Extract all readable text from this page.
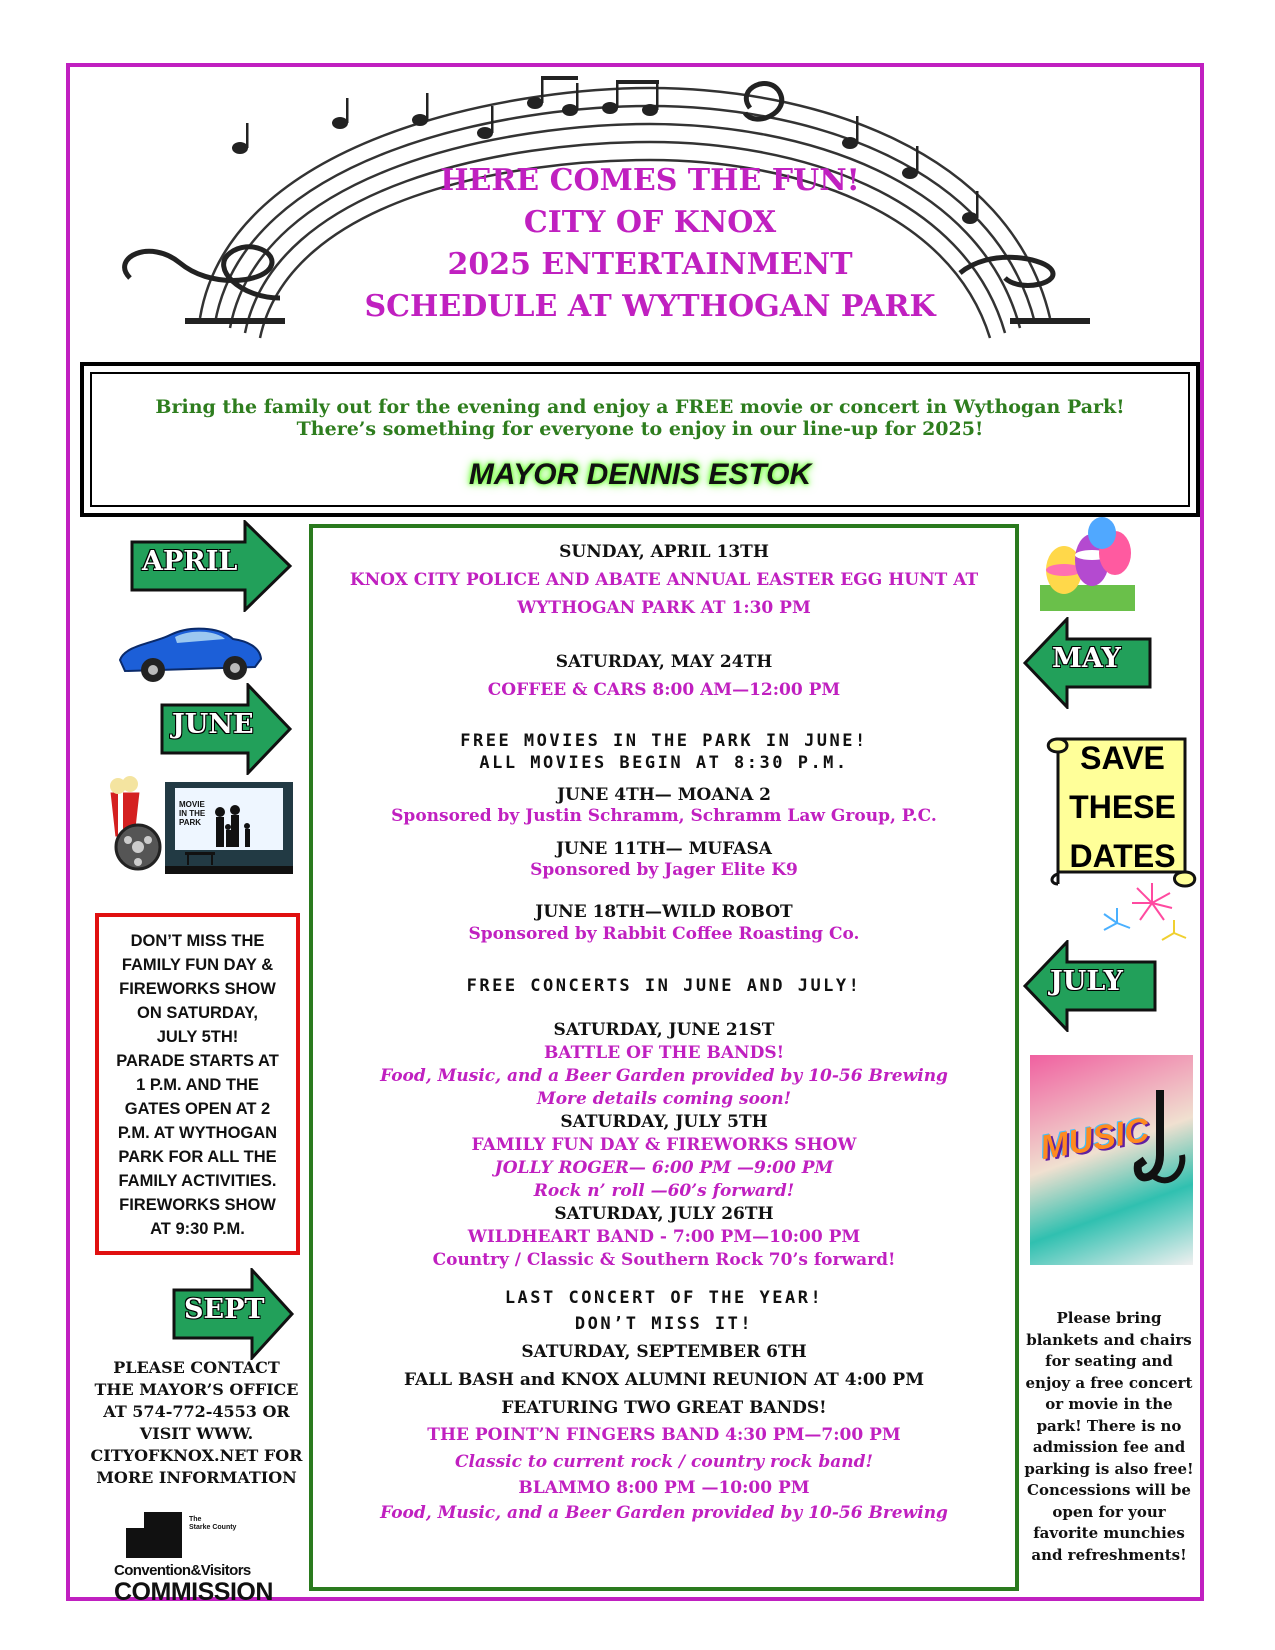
HERE COMES THE FUN!
CITY OF KNOX
2025 ENTERTAINMENT
SCHEDULE AT WYTHOGAN PARK
Bring the family out for the evening and enjoy a FREE movie or concert in Wythogan Park!
There’s something for everyone to enjoy in our line-up for 2025!
MAYOR DENNIS ESTOK
APRIL
JUNE
SEPT
MAY
JULY
MOVIE
IN THE
PARK
MUSIC
SAVE
THESE
DATES
DON’T MISS THE
FAMILY FUN DAY &
FIREWORKS SHOW
ON SATURDAY,
JULY 5TH!
PARADE STARTS AT
1 P.M. AND THE
GATES OPEN AT 2
P.M. AT WYTHOGAN
PARK FOR ALL THE
FAMILY ACTIVITIES.
FIREWORKS SHOW
AT 9:30 P.M.
PLEASE CONTACT
THE MAYOR’S OFFICE
AT 574-772-4553 OR
VISIT WWW.
CITYOFKNOX.NET FOR
MORE INFORMATION
The
Starke County
Convention&Visitors
COMMISSION
Please bring
blankets and chairs
for seating and
enjoy a free concert
or movie in the
park! There is no
admission fee and
parking is also free!
Concessions will be
open for your
favorite munchies
and refreshments!
SUNDAY, APRIL 13TH
KNOX CITY POLICE AND ABATE ANNUAL EASTER EGG HUNT AT
WYTHOGAN PARK AT 1:30 PM
SATURDAY, MAY 24TH
COFFEE & CARS 8:00 AM—12:00 PM
FREE MOVIES IN THE PARK IN JUNE!
ALL MOVIES BEGIN AT 8:30 P.M.
JUNE 4TH— MOANA 2
Sponsored by Justin Schramm, Schramm Law Group, P.C.
JUNE 11TH— MUFASA
Sponsored by Jager Elite K9
JUNE 18TH—WILD ROBOT
Sponsored by Rabbit Coffee Roasting Co.
FREE CONCERTS IN JUNE AND JULY!
SATURDAY, JUNE 21ST
BATTLE OF THE BANDS!
Food, Music, and a Beer Garden provided by 10-56 Brewing
More details coming soon!
SATURDAY, JULY 5TH
FAMILY FUN DAY & FIREWORKS SHOW
JOLLY ROGER— 6:00 PM —9:00 PM
Rock n’ roll —60’s forward!
SATURDAY, JULY 26TH
WILDHEART BAND - 7:00 PM—10:00 PM
Country / Classic & Southern Rock 70’s forward!
LAST CONCERT OF THE YEAR!
DON’T MISS IT!
SATURDAY, SEPTEMBER 6TH
FALL BASH and KNOX ALUMNI REUNION AT 4:00 PM
FEATURING TWO GREAT BANDS!
THE POINT’N FINGERS BAND 4:30 PM—7:00 PM
Classic to current rock / country rock band!
BLAMMO 8:00 PM —10:00 PM
Food, Music, and a Beer Garden provided by 10-56 Brewing
